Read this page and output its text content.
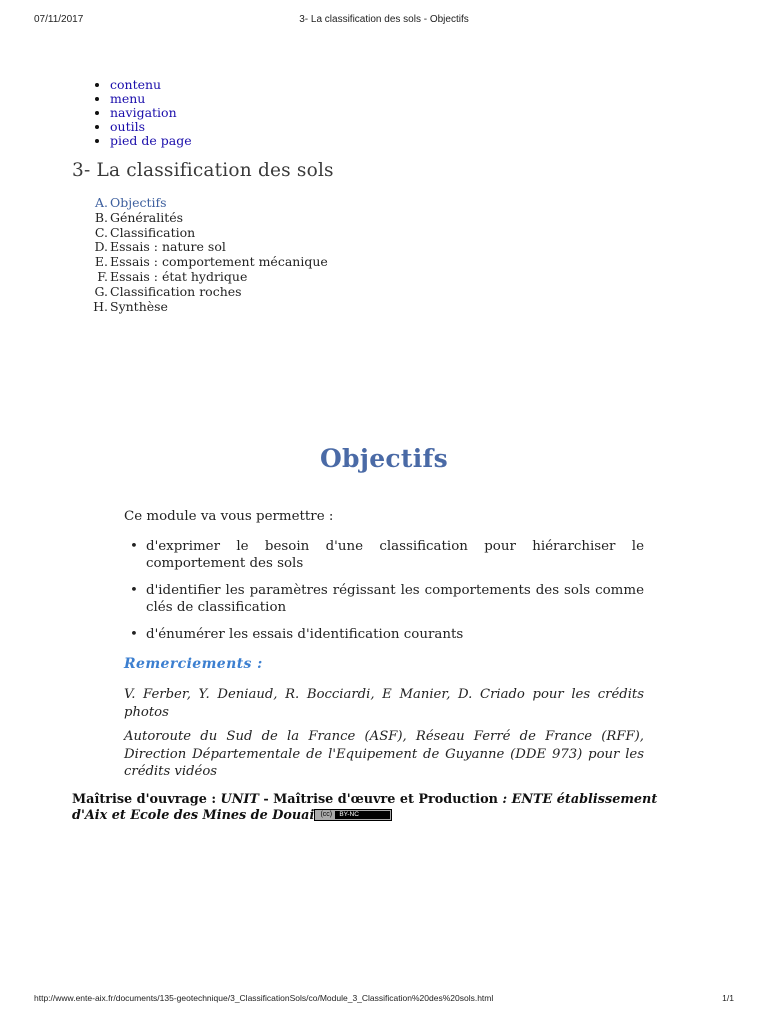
07/11/2017	3- La classification des sols - Objectifs
• contenu
• menu
• navigation
• outils
• pied de page
3- La classification des sols
A. Objectifs
B. Généralités
C. Classification
D. Essais : nature sol
E. Essais : comportement mécanique
F. Essais : état hydrique
G. Classification roches
H. Synthèse
Objectifs

Ce module va vous permettre :

• d'exprimer le besoin d'une classification pour hiérarchiser le comportement des sols
• d'identifier les paramètres régissant les comportements des sols comme clés de classification
• d'énumérer les essais d'identification courants
Remerciements :

V. Ferber, Y. Deniaud, R. Bocciardi, E Manier, D. Criado pour les crédits photos

Autoroute du Sud de la France (ASF), Réseau Ferré de France (RFF), Direction Départementale de l'Equipement de Guyanne (DDE 973) pour les crédits vidéos

Maîtrise d'ouvrage : UNIT - Maîtrise d'œuvre et Production : ENTE établissement d'Aix et Ecole des Mines de Douai (cc)	BY-NC
http://www.ente-aix.fr/documents/135-geotechnique/3_ClassificationSols/co/Module_3_Classification%20des%20sols.html	1/1
